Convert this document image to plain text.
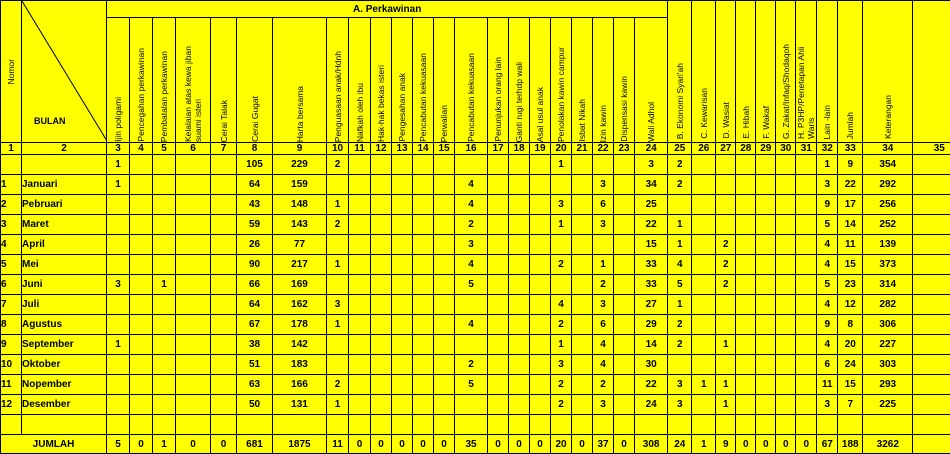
Nomor	BULAN	A. Perkawinan																						B. Ekonomi Syari'ah	C. Kewarisan	D. Wasiat	E. Hibah	F. Wakaf	G. Zakat/Infaq/Shodaqoh	H. P3HP/Penetapan Ahli Waris	Lain -lain	Jumlah	Keterangan	

		Ijin poligami	Pencegahan perkawinan	Pembatalan perkawinan	Kelalaian atas kewa jiban suami isteri	Cerai Talak	Cerai Gugat	Harta bersama	Penguasaan anak/Hdnh	Nafkah oleh ibu	Hak-hak bekas isteri	Pengesahan anak	Pencabutan kekuasaan	Perwalian	Pencabutan kekuasaan	Penunjukan orang lain	Ganti rugi terhdp wali	Asal usul anak	Penolakan kawin campur	Isbat Nikah	Izin kawin	Dispensasi kawin	Wali Adhol											

1	2	3	4	5	6	7	8	9	10	11	12	13	14	15	16	17	18	19	20	21	22	23	24	25	26	27	28	29	30	31	32	33	34	35
		1					105	229	2										1				3	2							1	9	354	
1	Januari	1					64	159							4						3		34	2							3	22	292	
2	Pebruari						43	148	1						4				3		6		25								9	17	256	
3	Maret						59	143	2						2				1		3		22	1							5	14	252	
4	April						26	77							3								15	1		2					4	11	139	
5	Mei						90	217	1						4				2		1		33	4		2					4	15	373	
6	Juni	3		1			66	169							5						2		33	5		2					5	23	314	
7	Juli						64	162	3										4		3		27	1							4	12	282	
8	Agustus						67	178	1						4				2		6		29	2							9	8	306	
9	September	1					38	142											1		4		14	2		1					4	20	227	
10	Oktober						51	183							2				3		4		30								6	24	303	
11	Nopember						63	166	2						5				2		2		22	3	1	1					11	15	293	
12	Desember						50	131	1										2		3		24	3		1					3	7	225	

JUMLAH		5	0	1	0	0	681	1875	11	0	0	0	0	0	35	0	0	0	20	0	37	0	308	24	1	9	0	0	0	0	67	188	3262	
